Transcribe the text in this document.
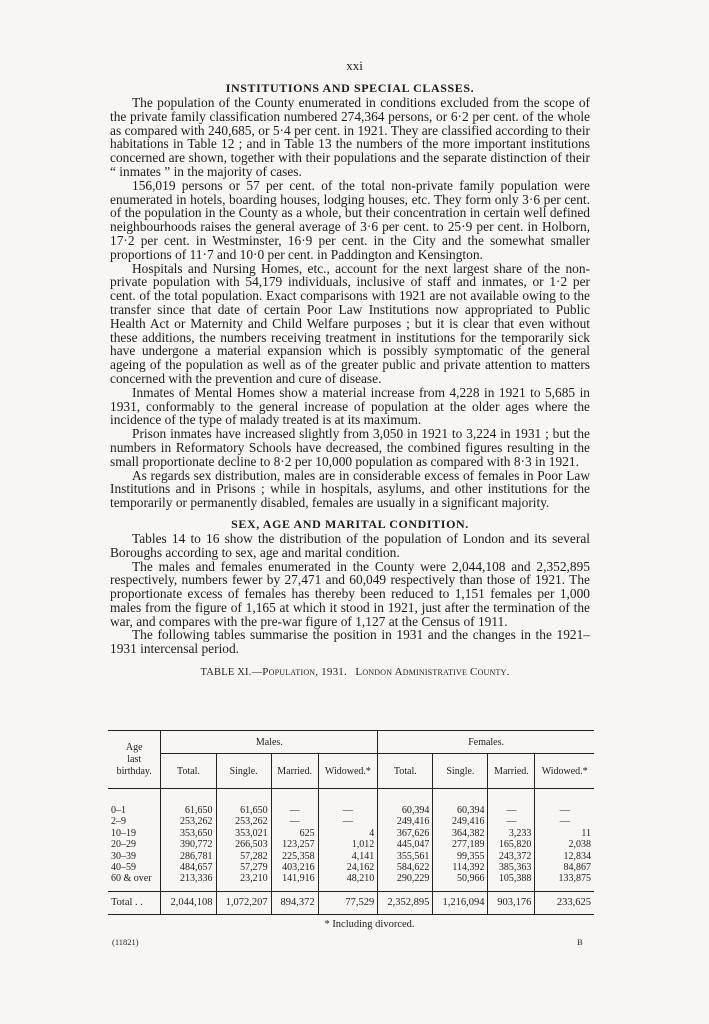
xxi
INSTITUTIONS AND SPECIAL CLASSES.

The population of the County enumerated in conditions excluded from the scope of the private family classification numbered 274,364 persons, or 6·2 per cent. of the whole as compared with 240,685, or 5·4 per cent. in 1921. They are classified according to their habitations in Table 12 ; and in Table 13 the numbers of the more important institutions concerned are shown, together with their populations and the separate distinction of their “ inmates ” in the majority of cases.

156,019 persons or 57 per cent. of the total non-private family population were enumerated in hotels, boarding houses, lodging houses, etc. They form only 3·6 per cent. of the population in the County as a whole, but their concentration in certain well defined neighbourhoods raises the general average of 3·6 per cent. to 25·9 per cent. in Holborn, 17·2 per cent. in Westminster, 16·9 per cent. in the City and the somewhat smaller proportions of 11·7 and 10·0 per cent. in Paddington and Kensington.

Hospitals and Nursing Homes, etc., account for the next largest share of the non-private population with 54,179 individuals, inclusive of staff and inmates, or 1·2 per cent. of the total population. Exact comparisons with 1921 are not available owing to the transfer since that date of certain Poor Law Institutions now appropriated to Public Health Act or Maternity and Child Welfare purposes ; but it is clear that even without these additions, the numbers receiving treatment in institutions for the temporarily sick have undergone a material expansion which is possibly symptomatic of the general ageing of the population as well as of the greater public and private attention to matters concerned with the prevention and cure of disease.

Inmates of Mental Homes show a material increase from 4,228 in 1921 to 5,685 in 1931, conformably to the general increase of population at the older ages where the incidence of the type of malady treated is at its maximum.

Prison inmates have increased slightly from 3,050 in 1921 to 3,224 in 1931 ; but the numbers in Reformatory Schools have decreased, the combined figures resulting in the small proportionate decline to 8·2 per 10,000 population as compared with 8·3 in 1921.

As regards sex distribution, males are in considerable excess of females in Poor Law Institutions and in Prisons ; while in hospitals, asylums, and other institutions for the temporarily or permanently disabled, females are usually in a significant majority.

SEX, AGE AND MARITAL CONDITION.

Tables 14 to 16 show the distribution of the population of London and its several Boroughs according to sex, age and marital condition.

The males and females enumerated in the County were 2,044,108 and 2,352,895 respectively, numbers fewer by 27,471 and 60,049 respectively than those of 1921. The proportionate excess of females has thereby been reduced to 1,151 females per 1,000 males from the figure of 1,165 at which it stood in 1921, just after the termination of the war, and compares with the pre-war figure of 1,127 at the Census of 1911.

The following tables summarise the position in 1931 and the changes in the 1921–1931 intercensal period.

TABLE XI.—Population, 1931. London Administrative County.
Age
last
birthday.	Males.				Females.			
	Total.	Single.	Married.	Widowed.*	Total.	Single.	Married.	Widowed.*

0–1	61,650	61,650	—	—	60,394	60,394	—	—
2–9	253,262	253,262	—	—	249,416	249,416	—	—
10–19	353,650	353,021	625	4	367,626	364,382	3,233	11
20–29	390,772	266,503	123,257	1,012	445,047	277,189	165,820	2,038
30–39	286,781	57,282	225,358	4,141	355,561	99,355	243,372	12,834
40–59	484,657	57,279	403,216	24,162	584,622	114,392	385,363	84,867
60 & over	213,336	23,210	141,916	48,210	290,229	50,966	105,388	133,875

Total . .	2,044,108	1,072,207	894,372	77,529	2,352,895	1,216,094	903,176	233,625
* Including divorced.
(11821)	B
